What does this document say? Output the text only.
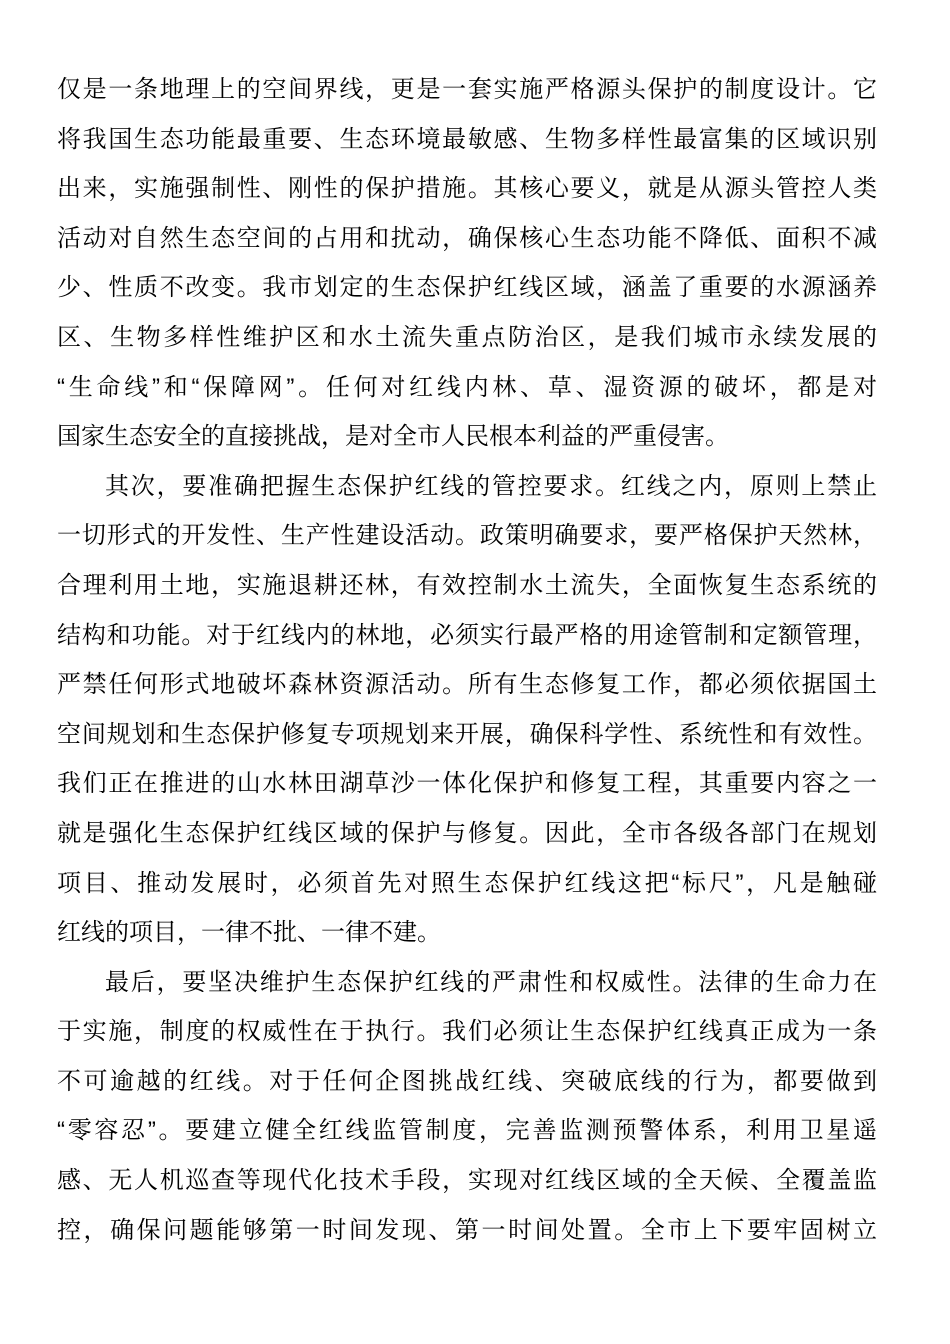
仅是一条地理上的空间界线，更是一套实施严格源头保护的制度设计。它
将我国生态功能最重要、生态环境最敏感、生物多样性最富集的区域识别
出来，实施强制性、刚性的保护措施。其核心要义，就是从源头管控人类
活动对自然生态空间的占用和扰动，确保核心生态功能不降低、面积不减
少、性质不改变。我市划定的生态保护红线区域，涵盖了重要的水源涵养
区、生物多样性维护区和水土流失重点防治区，是我们城市永续发展的
“生命线”和“保障网”。任何对红线内林、草、湿资源的破坏，都是对
国家生态安全的直接挑战，是对全市人民根本利益的严重侵害。
其次，要准确把握生态保护红线的管控要求。红线之内，原则上禁止
一切形式的开发性、生产性建设活动。政策明确要求，要严格保护天然林，
合理利用土地，实施退耕还林，有效控制水土流失，全面恢复生态系统的
结构和功能。对于红线内的林地，必须实行最严格的用途管制和定额管理，
严禁任何形式地破坏森林资源活动。所有生态修复工作，都必须依据国土
空间规划和生态保护修复专项规划来开展，确保科学性、系统性和有效性。
我们正在推进的山水林田湖草沙一体化保护和修复工程，其重要内容之一
就是强化生态保护红线区域的保护与修复。因此，全市各级各部门在规划
项目、推动发展时，必须首先对照生态保护红线这把“标尺”，凡是触碰
红线的项目，一律不批、一律不建。
最后，要坚决维护生态保护红线的严肃性和权威性。法律的生命力在
于实施，制度的权威性在于执行。我们必须让生态保护红线真正成为一条
不可逾越的红线。对于任何企图挑战红线、突破底线的行为，都要做到
“零容忍”。要建立健全红线监管制度，完善监测预警体系，利用卫星遥
感、无人机巡查等现代化技术手段，实现对红线区域的全天候、全覆盖监
控，确保问题能够第一时间发现、第一时间处置。全市上下要牢固树立
